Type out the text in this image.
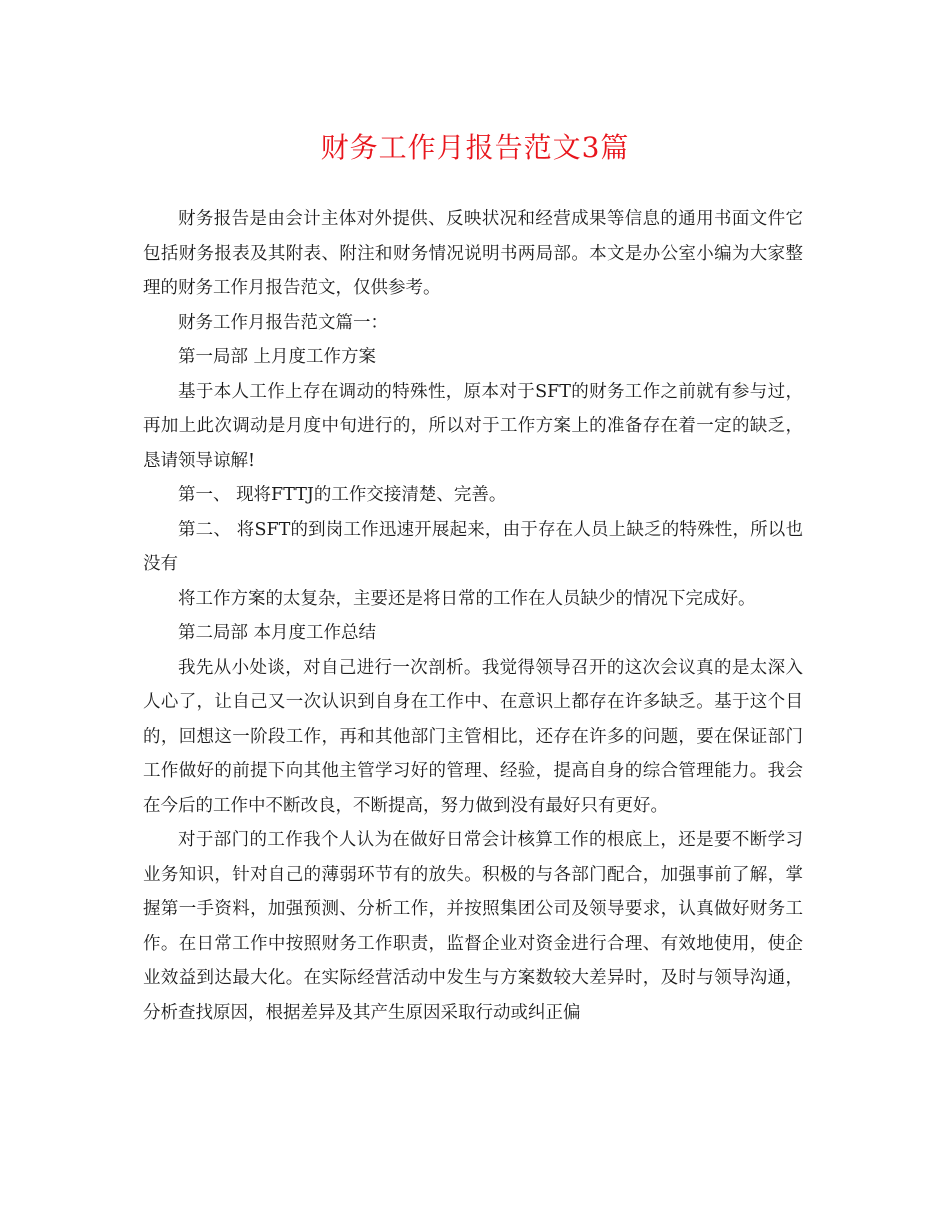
财务工作月报告范文3篇

财务报告是由会计主体对外提供、反映状况和经营成果等信息的通用书面文件它包括财务报表及其附表、附注和财务情况说明书两局部。本文是办公室小编为大家整理的财务工作月报告范文，仅供参考。

财务工作月报告范文篇一：

第一局部 上月度工作方案

基于本人工作上存在调动的特殊性，原本对于SFT的财务工作之前就有参与过，再加上此次调动是月度中旬进行的，所以对于工作方案上的准备存在着一定的缺乏，恳请领导谅解!

第一、 现将FTTJ的工作交接清楚、完善。

第二、 将SFT的到岗工作迅速开展起来，由于存在人员上缺乏的特殊性，所以也没有

将工作方案的太复杂，主要还是将日常的工作在人员缺少的情况下完成好。

第二局部 本月度工作总结

我先从小处谈，对自己进行一次剖析。我觉得领导召开的这次会议真的是太深入人心了，让自己又一次认识到自身在工作中、在意识上都存在许多缺乏。基于这个目的，回想这一阶段工作，再和其他部门主管相比，还存在许多的问题，要在保证部门工作做好的前提下向其他主管学习好的管理、经验，提高自身的综合管理能力。我会在今后的工作中不断改良，不断提高，努力做到没有最好只有更好。

对于部门的工作我个人认为在做好日常会计核算工作的根底上，还是要不断学习业务知识，针对自己的薄弱环节有的放失。积极的与各部门配合，加强事前了解，掌握第一手资料，加强预测、分析工作，并按照集团公司及领导要求，认真做好财务工作。在日常工作中按照财务工作职责，监督企业对资金进行合理、有效地使用，使企业效益到达最大化。在实际经营活动中发生与方案数较大差异时，及时与领导沟通，分析查找原因，根据差异及其产生原因采取行动或纠正偏
